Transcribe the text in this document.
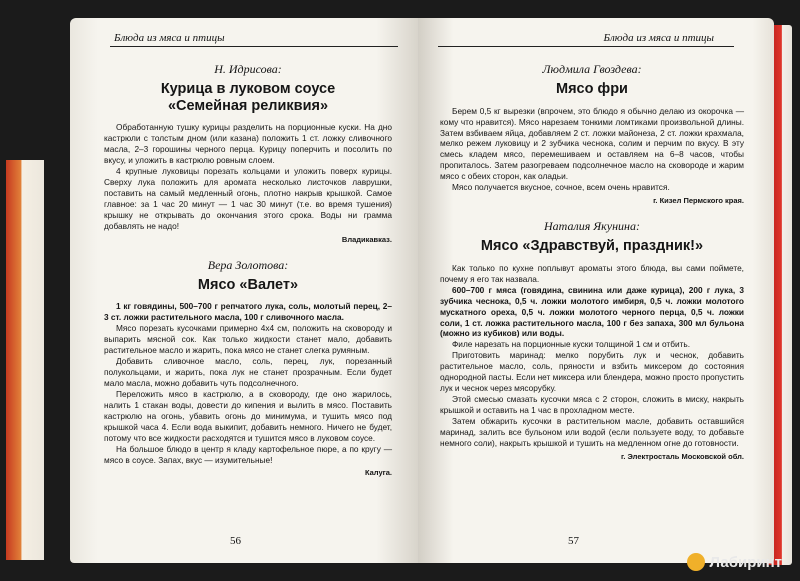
Блюда из мяса и птицы
Н. Идрисова:
Курица в луковом соусе
«Семейная реликвия»

Обработанную тушку курицы разделить на порционные куски. На дно кастрюли с толстым дном (или казана) положить 1 ст. ложку сливочного масла, 2–3 горошины черного перца. Курицу поперчить и посолить по вкусу, и уложить в кастрюлю ровным слоем.

4 крупные луковицы порезать кольцами и уложить поверх курицы. Сверху лука положить для аромата несколько листочков лаврушки, поставить на самый медленный огонь, плотно накрыв крышкой. Самое главное: за 1 час 20 минут — 1 час 30 минут (т.е. во время тушения) крышку не открывать до окончания этого срока. Воды ни грамма добавлять не надо!

Владикавказ.
Вера Золотова:
Мясо «Валет»

1 кг говядины, 500–700 г репчатого лука, соль, молотый перец, 2–3 ст. ложки растительного масла, 100 г сливочного масла.

Мясо порезать кусочками примерно 4х4 см, положить на сковороду и выпарить мясной сок. Как только жидкости станет мало, добавить растительное масло и жарить, пока мясо не станет слегка румяным.

Добавить сливочное масло, соль, перец, лук, порезанный полукольцами, и жарить, пока лук не станет прозрачным. Если будет мало масла, можно добавить чуть подсолнечного.

Переложить мясо в кастрюлю, а в сковороду, где оно жарилось, налить 1 стакан воды, довести до кипения и вылить в мясо. Поставить кастрюлю на огонь, убавить огонь до минимума, и тушить мясо под крышкой часа 4. Если вода выкипит, добавить немного. Ничего не будет, потому что все жидкости расходятся и тушится мясо в луковом соусе.

На большое блюдо в центр я кладу картофельное пюре, а по кругу — мясо в соусе. Запах, вкус — изумительные!

Калуга.
56
Блюда из мяса и птицы
Людмила Гвоздева:
Мясо фри

Берем 0,5 кг вырезки (впрочем, это блюдо я обычно делаю из окорочка — кому что нравится). Мясо нарезаем тонкими ломтиками произвольной длины. Затем взбиваем яйца, добавляем 2 ст. ложки майонеза, 2 ст. ложки крахмала, мелко режем луковицу и 2 зубчика чеснока, солим и перчим по вкусу. В эту смесь кладем мясо, перемешиваем и оставляем на 6–8 часов, чтобы пропиталось. Затем разогреваем подсолнечное масло на сковороде и жарим мясо с обеих сторон, как оладьи.

Мясо получается вкусное, сочное, всем очень нравится.

г. Кизел Пермского края.
Наталия Якунина:
Мясо «Здравствуй, праздник!»

Как только по кухне поплывут ароматы этого блюда, вы сами поймете, почему я его так назвала.

600–700 г мяса (говядина, свинина или даже курица), 200 г лука, 3 зубчика чеснока, 0,5 ч. ложки молотого имбиря, 0,5 ч. ложки молотого мускатного ореха, 0,5 ч. ложки молотого черного перца, 0,5 ч. ложки соли, 1 ст. ложка растительного масла, 100 г без запаха, 300 мл бульона (можно из кубиков) или воды.

Филе нарезать на порционные куски толщиной 1 см и отбить.

Приготовить маринад: мелко порубить лук и чеснок, добавить растительное масло, соль, пряности и взбить миксером до состояния однородной пасты. Если нет миксера или блендера, можно просто пропустить лук и чеснок через мясорубку.

Этой смесью смазать кусочки мяса с 2 сторон, сложить в миску, накрыть крышкой и оставить на 1 час в прохладном месте.

Затем обжарить кусочки в растительном масле, добавить оставшийся маринад, залить все бульоном или водой (если пользуете воду, то добавьте немного соли), накрыть крышкой и тушить на медленном огне до готовности.

г. Электросталь Московской обл.
57
Лабиринт
